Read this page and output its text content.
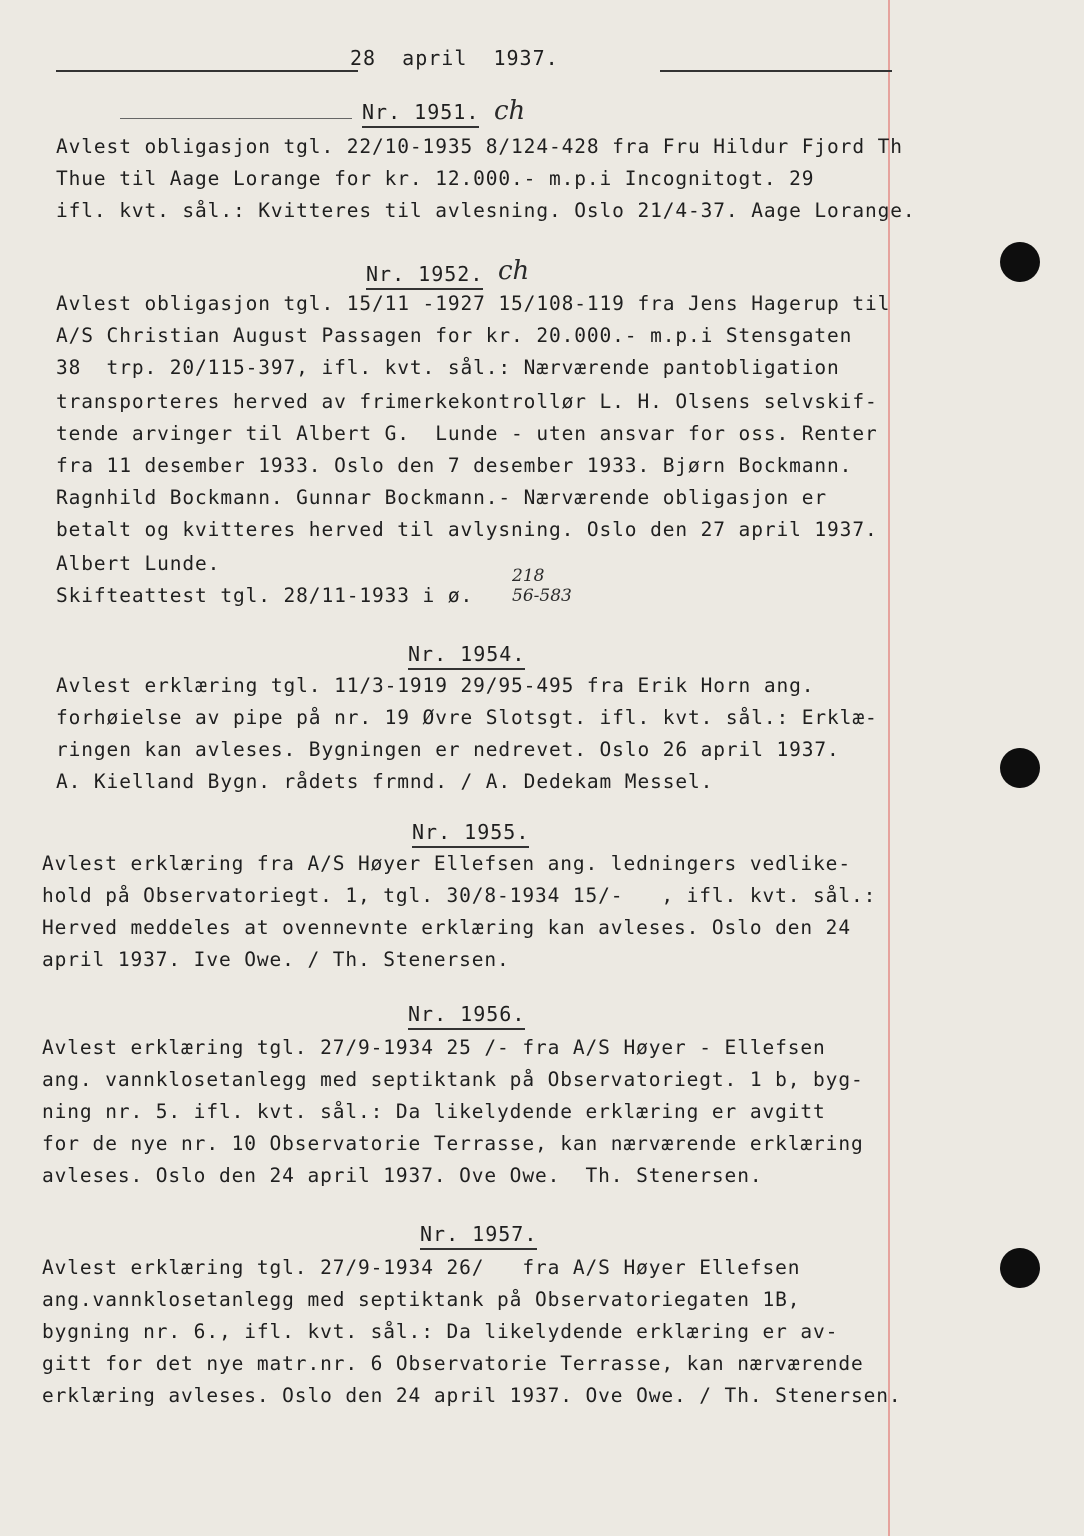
28  april  1937.
Nr. 1951. ch
Avlest obligasjon tgl. 22/10-1935 8/124-428 fra Fru Hildur Fjord Th
Thue til Aage Lorange for kr. 12.000.- m.p.i Incognitogt. 29
ifl. kvt. sål.: Kvitteres til avlesning. Oslo 21/4-37. Aage Lorange.
Nr. 1952. ch
Avlest obligasjon tgl. 15/11 -1927 15/108-119 fra Jens Hagerup til
A/S Christian August Passagen for kr. 20.000.- m.p.i Stensgaten
38  trp. 20/115-397, ifl. kvt. sål.: Nærværende pantobligation
transporteres herved av frimerkekontrollør L. H. Olsens selvskif-
tende arvinger til Albert G.  Lunde - uten ansvar for oss. Renter
fra 11 desember 1933. Oslo den 7 desember 1933. Bjørn Bockmann.
Ragnhild Bockmann. Gunnar Bockmann.- Nærværende obligasjon er
betalt og kvitteres herved til avlysning. Oslo den 27 april 1937.
Albert Lunde.
Skifteattest tgl. 28/11-1933 i ø.
218
56-583
Nr. 1954.
Avlest erklæring tgl. 11/3-1919 29/95-495 fra Erik Horn ang.
forhøielse av pipe på nr. 19 Øvre Slotsgt. ifl. kvt. sål.: Erklæ-
ringen kan avleses. Bygningen er nedrevet. Oslo 26 april 1937.
A. Kielland Bygn. rådets frmnd. / A. Dedekam Messel.
Nr. 1955.
Avlest erklæring fra A/S Høyer Ellefsen ang. ledningers vedlike-
hold på Observatoriegt. 1, tgl. 30/8-1934 15/-   , ifl. kvt. sål.:
Herved meddeles at ovennevnte erklæring kan avleses. Oslo den 24
april 1937. Ive Owe. / Th. Stenersen.
Nr. 1956.
Avlest erklæring tgl. 27/9-1934 25 /- fra A/S Høyer - Ellefsen
ang. vannklosetanlegg med septiktank på Observatoriegt. 1 b, byg-
ning nr. 5. ifl. kvt. sål.: Da likelydende erklæring er avgitt
for de nye nr. 10 Observatorie Terrasse, kan nærværende erklæring
avleses. Oslo den 24 april 1937. Ove Owe.  Th. Stenersen.
Nr. 1957.
Avlest erklæring tgl. 27/9-1934 26/   fra A/S Høyer Ellefsen
ang.vannklosetanlegg med septiktank på Observatoriegaten 1B,
bygning nr. 6., ifl. kvt. sål.: Da likelydende erklæring er av-
gitt for det nye matr.nr. 6 Observatorie Terrasse, kan nærværende
erklæring avleses. Oslo den 24 april 1937. Ove Owe. / Th. Stenersen.
